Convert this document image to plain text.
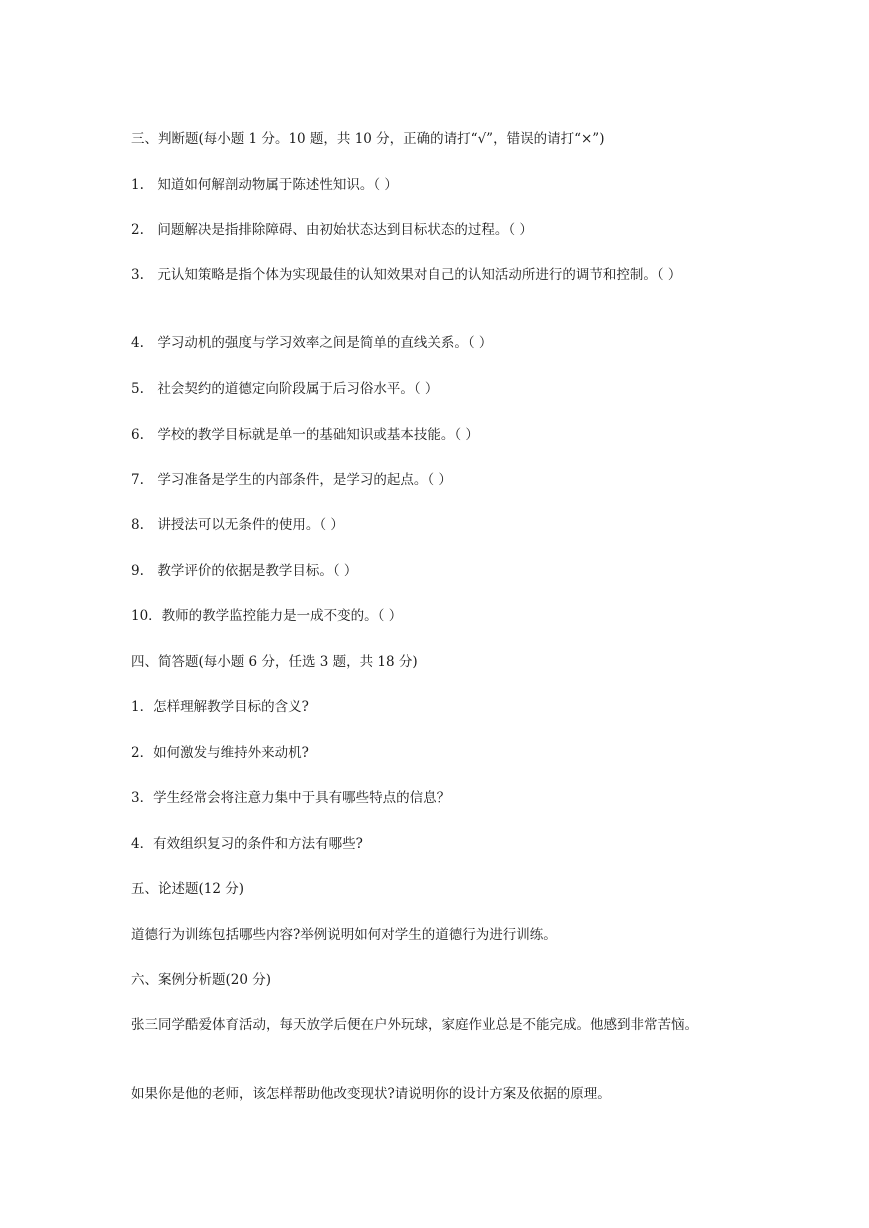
三、判断题(每小题 1 分。10 题，共 10 分，正确的请打“√”，错误的请打“×”)
1.　知道如何解剖动物属于陈述性知识。（ ）
2.　问题解决是指排除障碍、由初始状态达到目标状态的过程。（ ）
3.　元认知策略是指个体为实现最佳的认知效果对自己的认知活动所进行的调节和控制。（ ）
4.　学习动机的强度与学习效率之间是简单的直线关系。（ ）
5.　社会契约的道德定向阶段属于后习俗水平。（ ）
6.　学校的教学目标就是单一的基础知识或基本技能。（ ）
7.　学习准备是学生的内部条件，是学习的起点。（ ）
8.　讲授法可以无条件的使用。（ ）
9.　教学评价的依据是教学目标。（ ）
10．教师的教学监控能力是一成不变的。（ ）
四、简答题(每小题 6 分，任选 3 题，共 18 分)
1．怎样理解教学目标的含义?
2．如何激发与维持外来动机?
3．学生经常会将注意力集中于具有哪些特点的信息？
4．有效组织复习的条件和方法有哪些?
五、论述题(12 分)
道德行为训练包括哪些内容?举例说明如何对学生的道德行为进行训练。
六、案例分析题(20 分)
张三同学酷爱体育活动，每天放学后便在户外玩球，家庭作业总是不能完成。他感到非常苦恼。
如果你是他的老师，该怎样帮助他改变现状?请说明你的设计方案及依据的原理。
